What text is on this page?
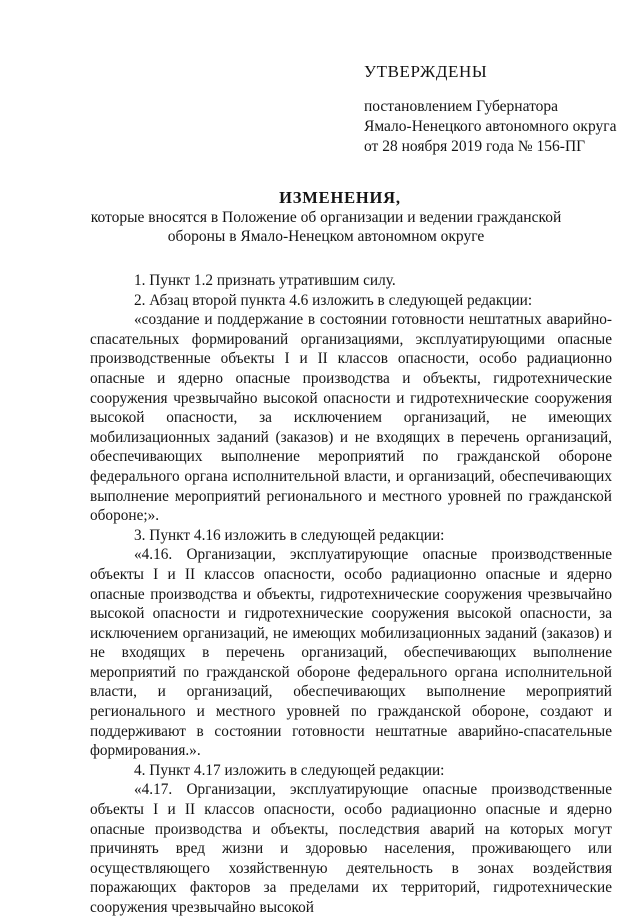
УТВЕРЖДЕНЫ
постановлением Губернатора
Ямало-Ненецкого автономного округа
от 28 ноября 2019 года № 156-ПГ
ИЗМЕНЕНИЯ,
которые вносятся в Положение об организации и ведении гражданской
обороны в Ямало-Ненецком автономном округе

1. Пункт 1.2 признать утратившим силу.

2. Абзац второй пункта 4.6 изложить в следующей редакции:

«создание и поддержание в состоянии готовности нештатных аварийно-спасательных формирований организациями, эксплуатирующими опасные производственные объекты I и II классов опасности, особо радиационно опасные и ядерно опасные производства и объекты, гидротехнические сооружения чрезвычайно высокой опасности и гидротехнические сооружения высокой опасности, за исключением организаций, не имеющих мобилизационных заданий (заказов) и не входящих в перечень организаций, обеспечивающих выполнение мероприятий по гражданской обороне федерального органа исполнительной власти, и организаций, обеспечивающих выполнение мероприятий регионального и местного уровней по гражданской обороне;».

3. Пункт 4.16 изложить в следующей редакции:

«4.16. Организации, эксплуатирующие опасные производственные объекты I и II классов опасности, особо радиационно опасные и ядерно опасные производства и объекты, гидротехнические сооружения чрезвычайно высокой опасности и гидротехнические сооружения высокой опасности, за исключением организаций, не имеющих мобилизационных заданий (заказов) и не входящих в перечень организаций, обеспечивающих выполнение мероприятий по гражданской обороне федерального органа исполнительной власти, и организаций, обеспечивающих выполнение мероприятий регионального и местного уровней по гражданской обороне, создают и поддерживают в состоянии готовности нештатные аварийно-спасательные формирования.».

4. Пункт 4.17 изложить в следующей редакции:

«4.17. Организации, эксплуатирующие опасные производственные объекты I и II классов опасности, особо радиационно опасные и ядерно опасные производства и объекты, последствия аварий на которых могут причинять вред жизни и здоровью населения, проживающего или осуществляющего хозяйственную деятельность в зонах воздействия поражающих факторов за пределами их территорий, гидротехнические сооружения чрезвычайно высокой
